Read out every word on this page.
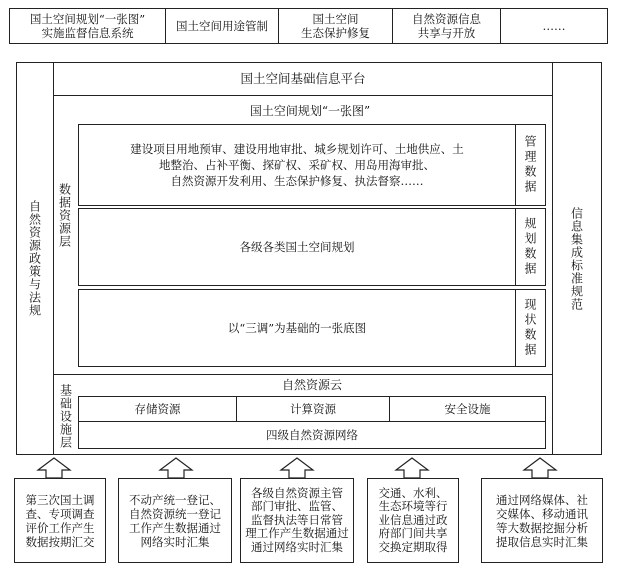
国土空间规划“一张图”
实施监督信息系统	国土空间用途管制	国土空间
生态保护修复
自然资源信息
共享与开放	……
自然资源政策与法规	信息集成标准规范
国土空间基础信息平台
数据资源层
国土空间规划“一张图”
建设项目用地预审、建设用地审批、城乡规划许可、土地供应、土
地整治、占补平衡、探矿权、采矿权、用岛用海审批、
自然资源开发利用、生态保护修复、执法督察……	管理数据
各级各类国土空间规划	规划数据
以“三调”为基础的一张底图	现状数据
基础设施层	自然资源云
存储资源	计算资源	安全设施
四级自然资源网络
第三次国土调
查、专项调查
评价工作产生
数据按期汇交
不动产统一登记、
自然资源统一登记
工作产生数据通过
网络实时汇集
各级自然资源主管
部门审批、监管、
监督执法等日常管
理工作产生数据通过
通过网络实时汇集
交通、水利、
生态环境等行
业信息通过政
府部门间共享
交换定期取得
通过网络媒体、社
交媒体、移动通讯
等大数据挖掘分析
提取信息实时汇集
